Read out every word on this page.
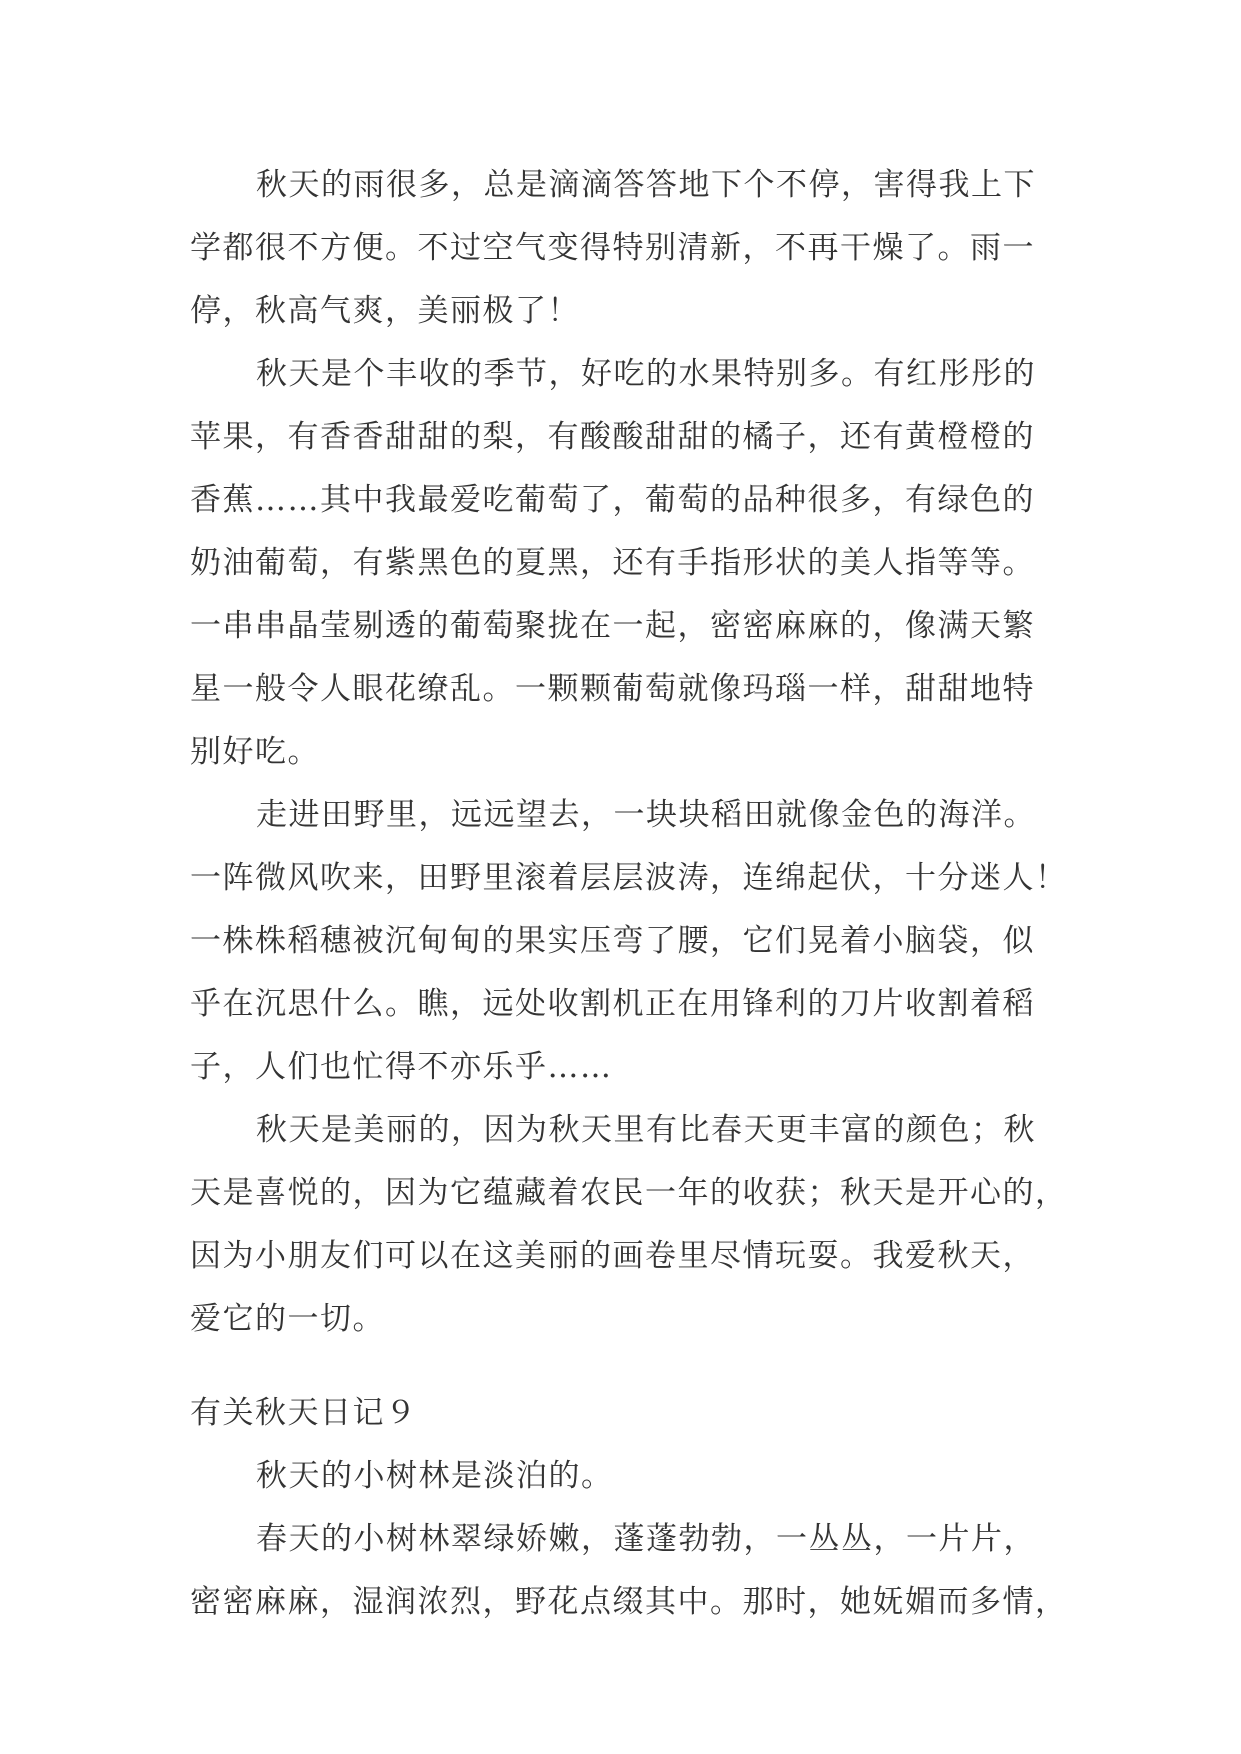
秋天的雨很多，总是滴滴答答地下个不停，害得我上下
学都很不方便。不过空气变得特别清新，不再干燥了。雨一
停，秋高气爽，美丽极了！
秋天是个丰收的季节，好吃的水果特别多。有红彤彤的
苹果，有香香甜甜的梨，有酸酸甜甜的橘子，还有黄橙橙的
香蕉……其中我最爱吃葡萄了，葡萄的品种很多，有绿色的
奶油葡萄，有紫黑色的夏黑，还有手指形状的美人指等等。
一串串晶莹剔透的葡萄聚拢在一起，密密麻麻的，像满天繁
星一般令人眼花缭乱。一颗颗葡萄就像玛瑙一样，甜甜地特
别好吃。
走进田野里，远远望去，一块块稻田就像金色的海洋。
一阵微风吹来，田野里滚着层层波涛，连绵起伏，十分迷人！
一株株稻穗被沉甸甸的果实压弯了腰，它们晃着小脑袋，似
乎在沉思什么。瞧，远处收割机正在用锋利的刀片收割着稻
子，人们也忙得不亦乐乎……
秋天是美丽的，因为秋天里有比春天更丰富的颜色；秋
天是喜悦的，因为它蕴藏着农民一年的收获；秋天是开心的，
因为小朋友们可以在这美丽的画卷里尽情玩耍。我爱秋天，
爱它的一切。
有关秋天日记９
秋天的小树林是淡泊的。
春天的小树林翠绿娇嫩，蓬蓬勃勃，一丛丛，一片片，
密密麻麻，湿润浓烈，野花点缀其中。那时，她妩媚而多情，
